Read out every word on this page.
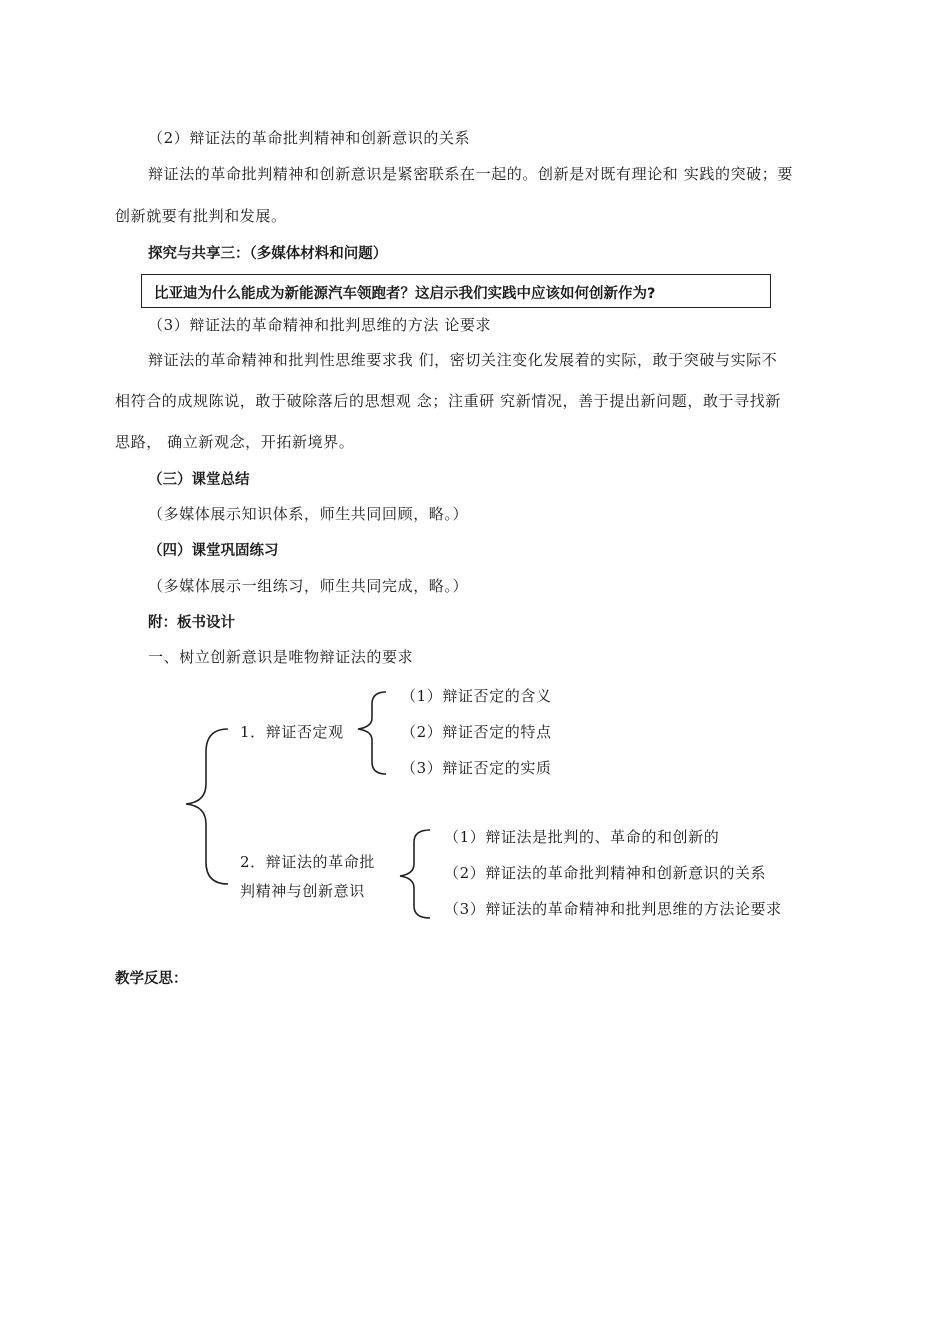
（2）辩证法的革命批判精神和创新意识的关系
辩证法的革命批判精神和创新意识是紧密联系在一起的。创新是对既有理论和 实践的突破；要
创新就要有批判和发展。
探究与共享三：（多媒体材料和问题）
比亚迪为什么能成为新能源汽车领跑者？这启示我们实践中应该如何创新作为?
（3）辩证法的革命精神和批判思维的方法 论要求
辩证法的革命精神和批判性思维要求我 们，密切关注变化发展着的实际，敢于突破与实际不
相符合的成规陈说，敢于破除落后的思想观 念；注重研 究新情况，善于提出新问题，敢于寻找新
思路， 确立新观念，开拓新境界。
（三）课堂总结
（多媒体展示知识体系，师生共同回顾，略。）
（四）课堂巩固练习
（多媒体展示一组练习，师生共同完成，略。）
附：板书设计
一、树立创新意识是唯物辩证法的要求
1．辩证否定观
（1）辩证否定的含义
（2）辩证否定的特点
（3）辩证否定的实质
2．辩证法的革命批
判精神与创新意识
（1）辩证法是批判的、革命的和创新的
（2）辩证法的革命批判精神和创新意识的关系
（3）辩证法的革命精神和批判思维的方法论要求
教学反思：
